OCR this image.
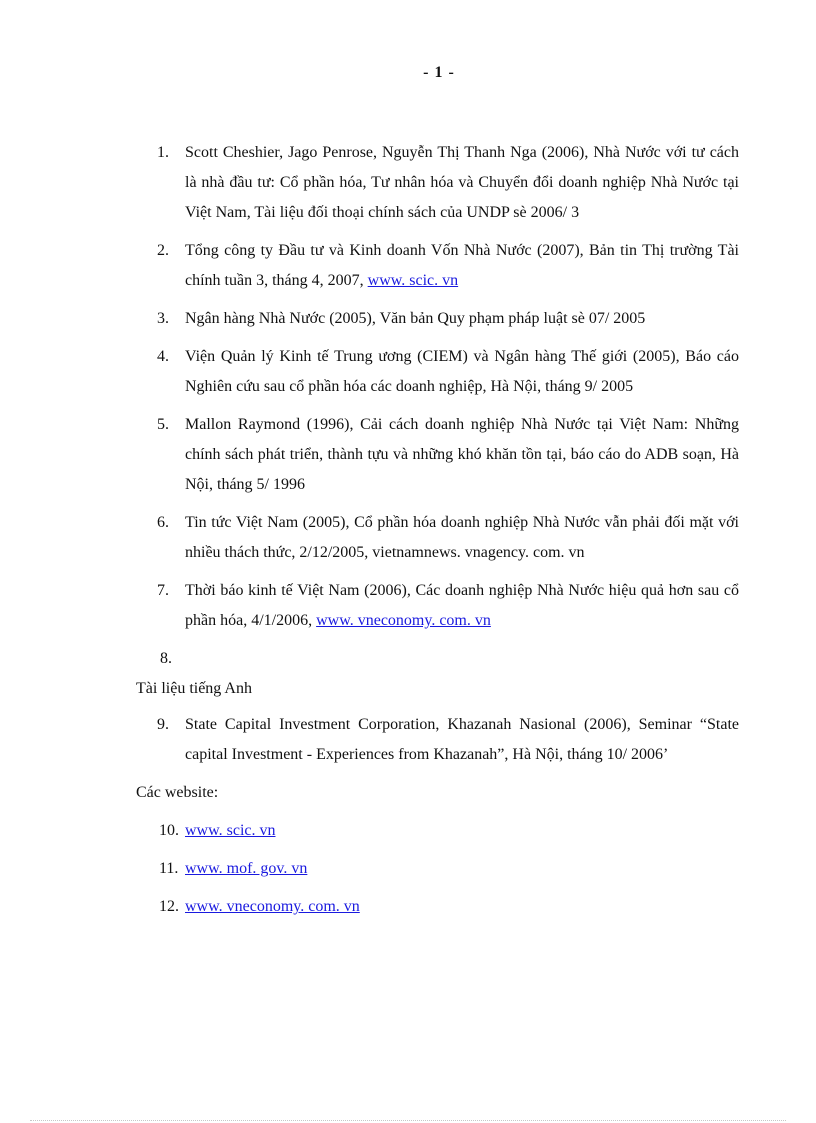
- 1 -
1. Scott Cheshier, Jago Penrose, Nguyễn Thị Thanh Nga (2006), Nhà Nước với tư cách là nhà đầu tư: Cổ phần hóa, Tư nhân hóa và Chuyển đổi doanh nghiệp Nhà Nước tại Việt Nam, Tài liệu đối thoại chính sách của UNDP sè 2006/ 3
2. Tổng công ty Đầu tư và Kinh doanh Vốn Nhà Nước (2007), Bản tin Thị trường Tài chính tuần 3, tháng 4, 2007, www. scic. vn
3. Ngân hàng Nhà Nước (2005), Văn bản Quy phạm pháp luật sè 07/ 2005
4. Viện Quản lý Kinh tế Trung ương (CIEM) và Ngân hàng Thế giới (2005), Báo cáo Nghiên cứu sau cổ phần hóa các doanh nghiệp, Hà Nội, tháng 9/ 2005
5. Mallon Raymond (1996), Cải cách doanh nghiệp Nhà Nước tại Việt Nam: Những chính sách phát triển, thành tựu và những khó khăn tồn tại, báo cáo do ADB soạn, Hà Nội, tháng 5/ 1996
6. Tin tức Việt Nam (2005), Cổ phần hóa doanh nghiệp Nhà Nước vẫn phải đối mặt với nhiều thách thức, 2/12/2005, vietnamnews. vnagency. com. vn
7. Thời báo kinh tế Việt Nam (2006), Các doanh nghiệp Nhà Nước hiệu quả hơn sau cổ phần hóa, 4/1/2006, www. vneconomy. com. vn
8.
Tài liệu tiếng Anh
9. State Capital Investment Corporation, Khazanah Nasional (2006), Seminar “State capital Investment - Experiences from Khazanah”, Hà Nội, tháng 10/ 2006’
Các website:
10. www. scic. vn
11. www. mof. gov. vn
12. www. vneconomy. com. vn
